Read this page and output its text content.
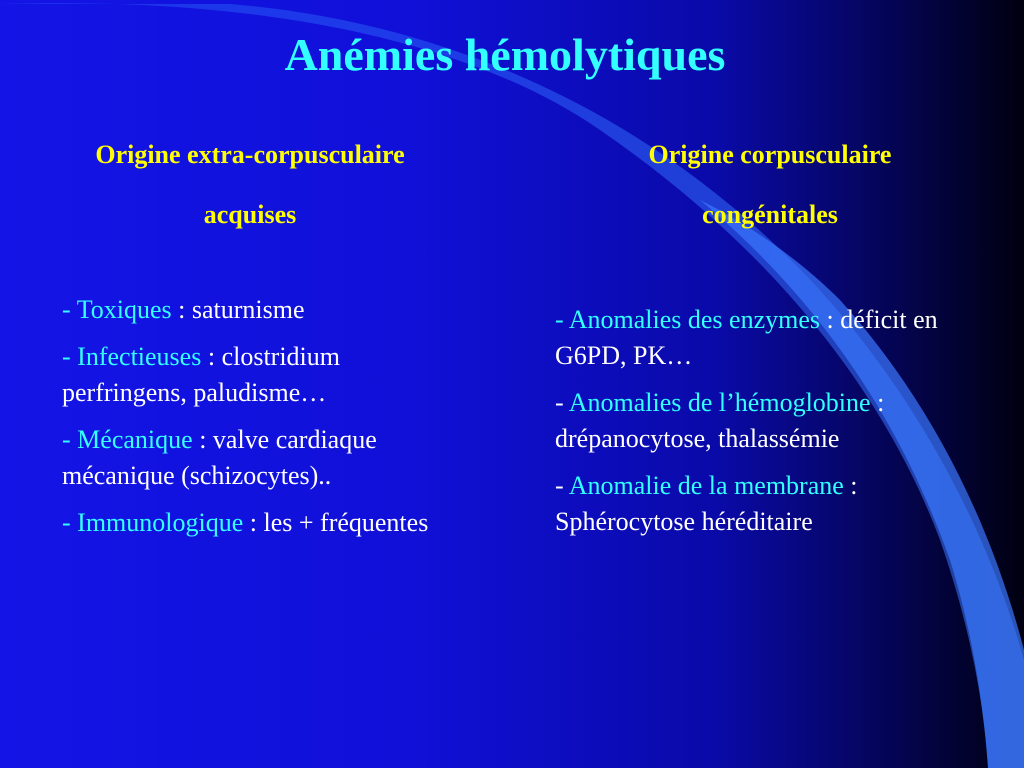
Anémies hémolytiques
Origine extra-corpusculaire
acquises
Origine corpusculaire
congénitales

- Toxiques : saturnisme

- Infectieuses : clostridium perfringens, paludisme…

- Mécanique : valve cardiaque mécanique (schizocytes)..

- Immunologique : les + fréquentes

- Anomalies des enzymes : déficit en G6PD, PK…

- Anomalies de l’hémoglobine : drépanocytose, thalassémie

- Anomalie de la membrane : Sphérocytose héréditaire
